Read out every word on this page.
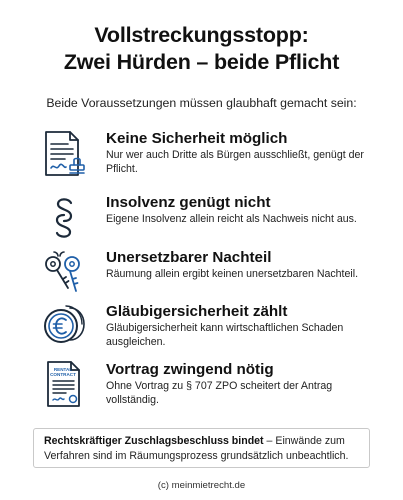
Vollstreckungsstopp:
Zwei Hürden – beide Pflicht
Beide Voraussetzungen müssen glaubhaft gemacht sein:
Keine Sicherheit möglich
Nur wer auch Dritte als Bürgen ausschließt, genügt der Pflicht.
Insolvenz genügt nicht
Eigene Insolvenz allein reicht als Nachweis nicht aus.
Unersetzbarer Nachteil
Räumung allein ergibt keinen unersetzbaren Nachteil.
Gläubigersicherheit zählt
Gläubigersicherheit kann wirtschaftlichen Schaden ausgleichen.
RENTAL
CONTRACT Vortrag zwingend nötig
Ohne Vortrag zu § 707 ZPO scheitert der Antrag vollständig.
Rechtskräftiger Zuschlagsbeschluss bindet – Einwände zum Verfahren sind im Räumungsprozess grundsätzlich unbeachtlich.
(c) meinmietrecht.de
